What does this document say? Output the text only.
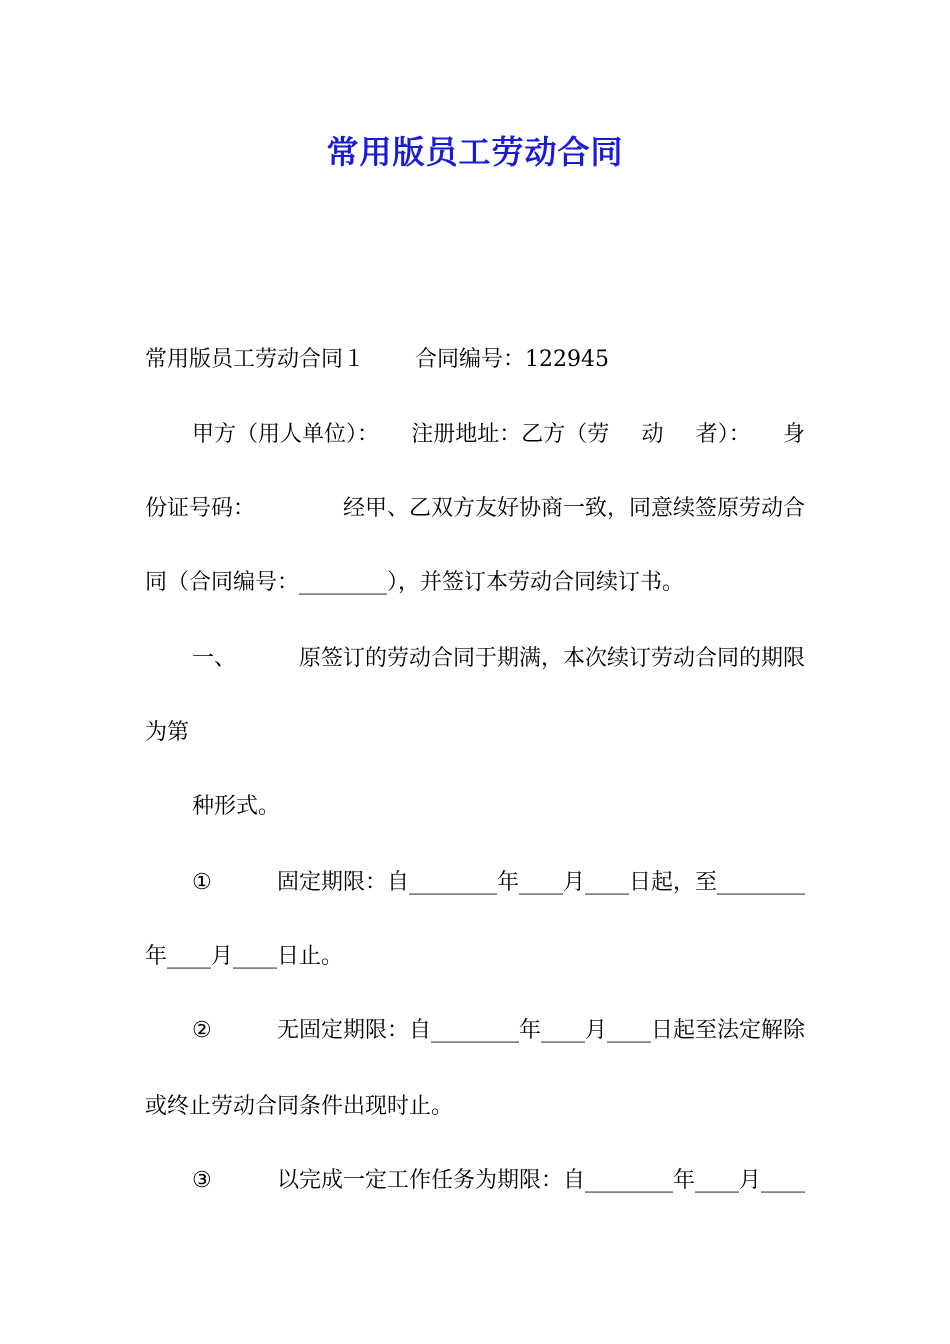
常用版员工劳动合同
常用版员工劳动合同１ 合同编号：122945
甲方（用人单位）： 注册地址：乙方（劳 动 者）： 身
份证号码：	经甲、乙双方友好协商一致，同意续签原劳动合
同（合同编号：________），并签订本劳动合同续订书。
一、	原签订的劳动合同于期满，本次续订劳动合同的期限
为第
种形式。
①	固定期限：自________年____月____日起，至________
年____月____日止。
②	无固定期限：自________年____月____日起至法定解除
或终止劳动合同条件出现时止。
③	以完成一定工作任务为期限：自________年____月____
